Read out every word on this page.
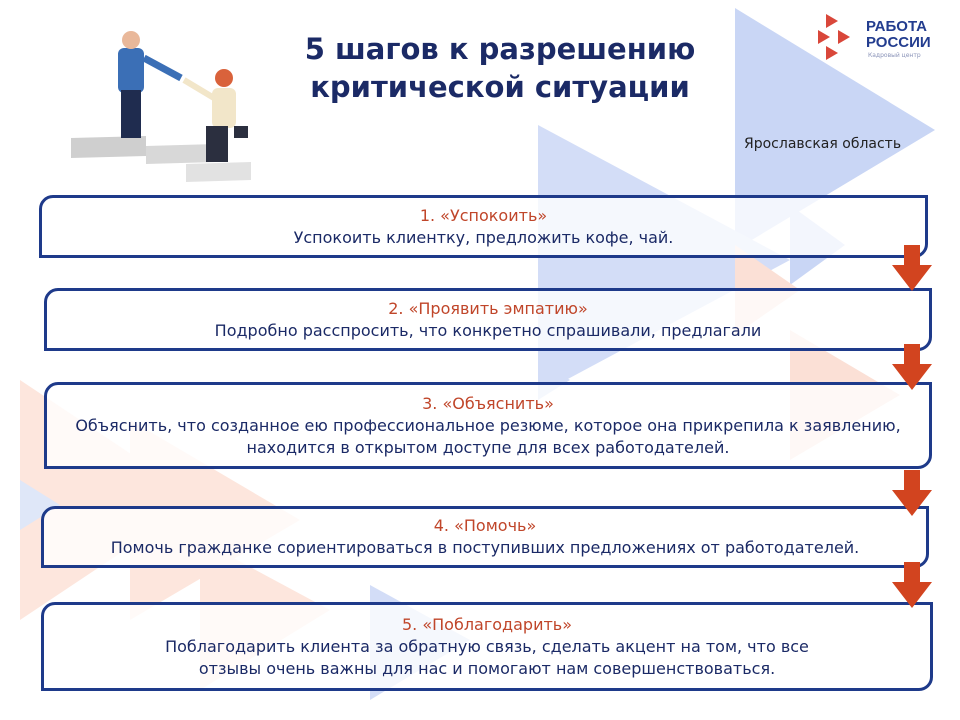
5 шагов к разрешению
критической ситуации
РАБОТА
РОССИИ
Кадровый центр
Ярославская область
1. «Успокоить»
Успокоить клиентку, предложить кофе, чай.
2. «Проявить эмпатию»
Подробно расспросить, что конкретно спрашивали, предлагали
3. «Объяснить»
Объяснить, что созданное ею профессиональное резюме, которое она прикрепила к заявлению, находится в открытом доступе для всех работодателей.
4. «Помочь»
Помочь гражданке сориентироваться в поступивших предложениях от работодателей.
5. «Поблагодарить»
Поблагодарить клиента за обратную связь, сделать акцент на том, что все отзывы очень важны для нас и помогают нам совершенствоваться.
